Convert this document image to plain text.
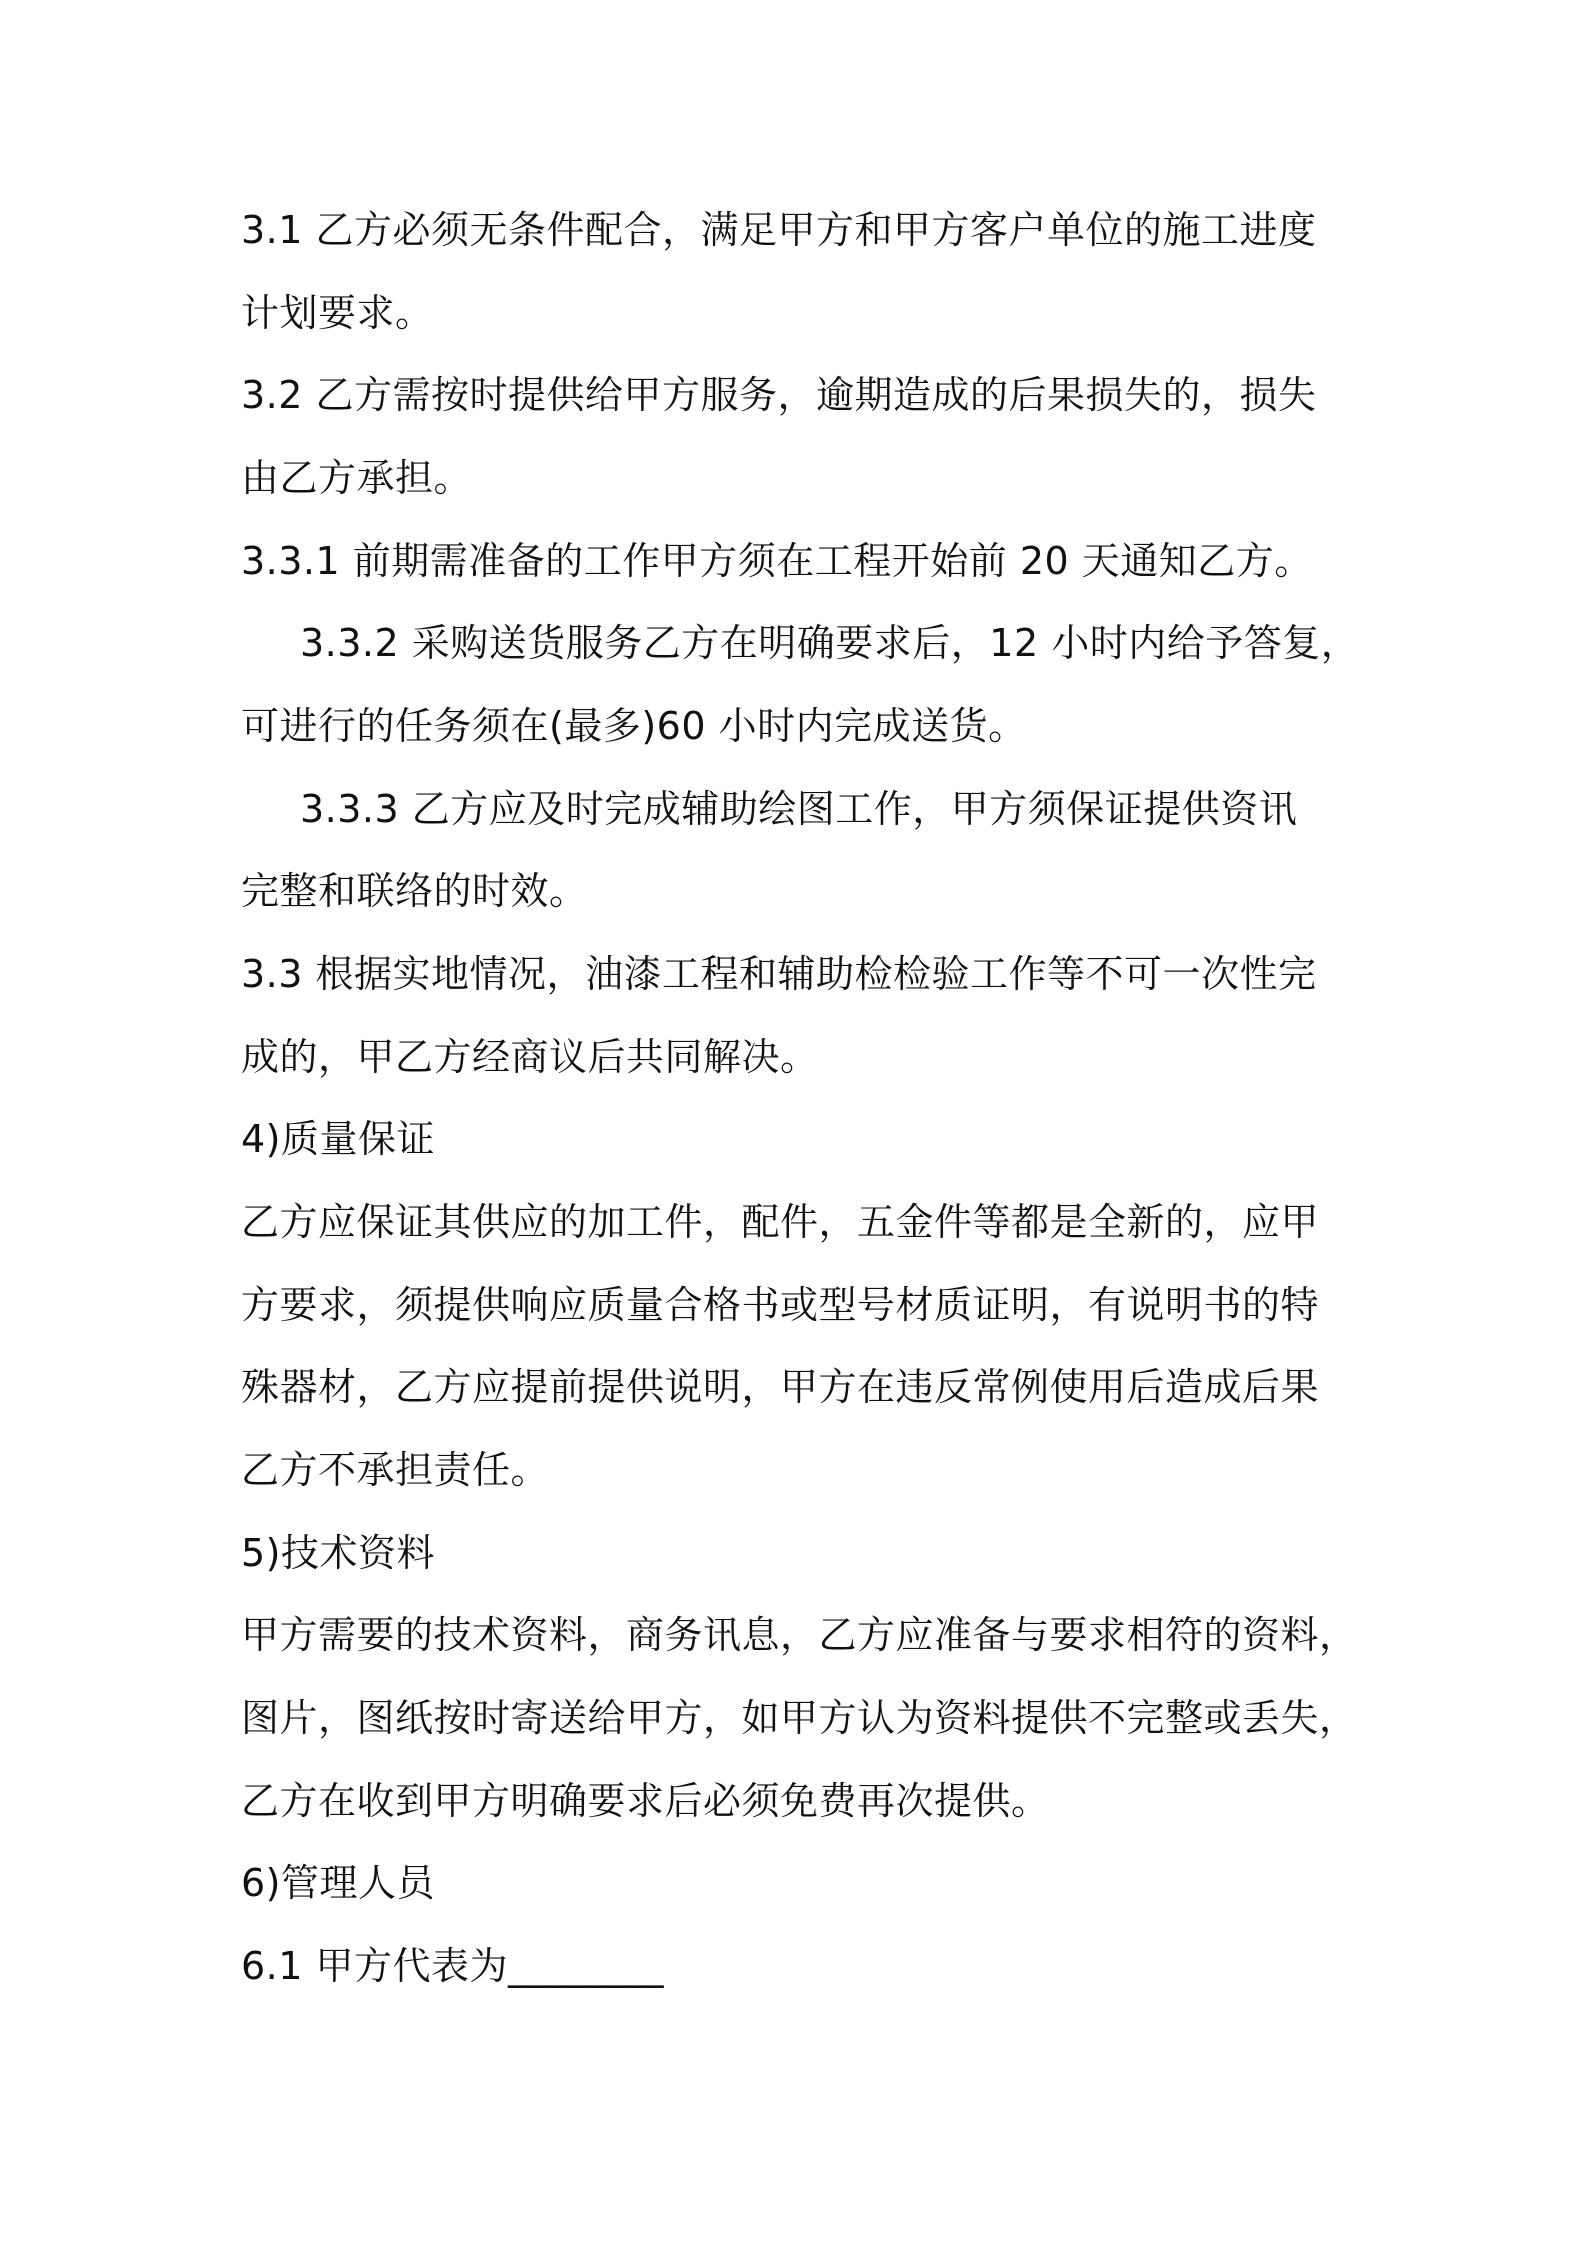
3.1 乙方必须无条件配合，满足甲方和甲方客户单位的施工进度
计划要求。
3.2 乙方需按时提供给甲方服务，逾期造成的后果损失的，损失
由乙方承担。
3.3.1 前期需准备的工作甲方须在工程开始前 20 天通知乙方。
3.3.2 采购送货服务乙方在明确要求后，12 小时内给予答复，
可进行的任务须在(最多)60 小时内完成送货。
3.3.3 乙方应及时完成辅助绘图工作，甲方须保证提供资讯
完整和联络的时效。
3.3 根据实地情况，油漆工程和辅助检检验工作等不可一次性完
成的，甲乙方经商议后共同解决。
4)质量保证
乙方应保证其供应的加工件，配件，五金件等都是全新的，应甲
方要求，须提供响应质量合格书或型号材质证明，有说明书的特
殊器材，乙方应提前提供说明，甲方在违反常例使用后造成后果
乙方不承担责任。
5)技术资料
甲方需要的技术资料，商务讯息，乙方应准备与要求相符的资料，
图片，图纸按时寄送给甲方，如甲方认为资料提供不完整或丢失，
乙方在收到甲方明确要求后必须免费再次提供。
6)管理人员
6.1 甲方代表为________
